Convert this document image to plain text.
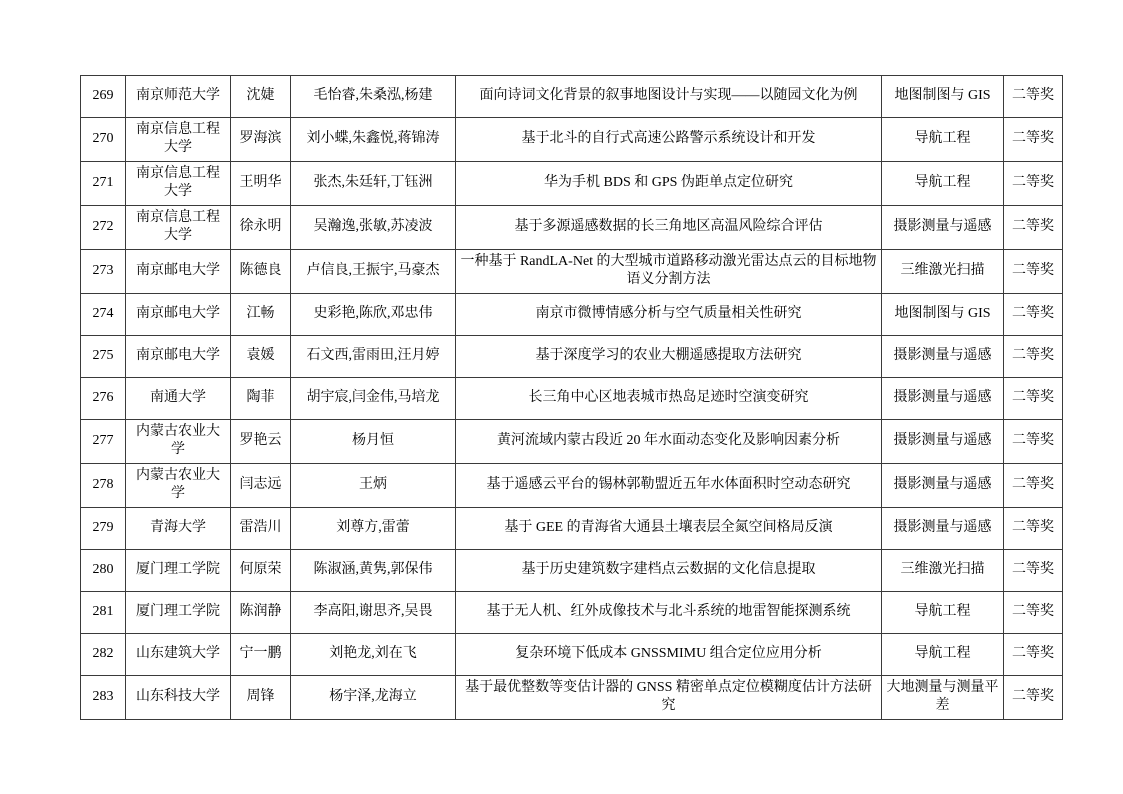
269	南京师范大学	沈婕	毛怡睿,朱桑泓,杨建	面向诗词文化背景的叙事地图设计与实现——以随园文化为例	地图制图与 GIS	二等奖
270	南京信息工程大学	罗海滨	刘小蝶,朱鑫悦,蒋锦涛	基于北斗的自行式高速公路警示系统设计和开发	导航工程	二等奖
271	南京信息工程大学	王明华	张杰,朱廷轩,丁钰洲	华为手机 BDS 和 GPS 伪距单点定位研究	导航工程	二等奖
272	南京信息工程大学	徐永明	吴瀚逸,张敏,苏凌波	基于多源遥感数据的长三角地区高温风险综合评估	摄影测量与遥感	二等奖
273	南京邮电大学	陈德良	卢信良,王振宇,马豪杰	一种基于 RandLA-Net 的大型城市道路移动激光雷达点云的目标地物语义分割方法	三维激光扫描	二等奖
274	南京邮电大学	江畅	史彩艳,陈欣,邓忠伟	南京市微博情感分析与空气质量相关性研究	地图制图与 GIS	二等奖
275	南京邮电大学	袁媛	石文西,雷雨田,汪月婷	基于深度学习的农业大棚遥感提取方法研究	摄影测量与遥感	二等奖
276	南通大学	陶菲	胡宇宸,闫金伟,马培龙	长三角中心区地表城市热岛足迹时空演变研究	摄影测量与遥感	二等奖
277	内蒙古农业大学	罗艳云	杨月恒	黄河流域内蒙古段近 20 年水面动态变化及影响因素分析	摄影测量与遥感	二等奖
278	内蒙古农业大学	闫志远	王炳	基于遥感云平台的锡林郭勒盟近五年水体面积时空动态研究	摄影测量与遥感	二等奖
279	青海大学	雷浩川	刘尊方,雷蕾	基于 GEE 的青海省大通县土壤表层全氮空间格局反演	摄影测量与遥感	二等奖
280	厦门理工学院	何原荣	陈淑涵,黄隽,郭保伟	基于历史建筑数字建档点云数据的文化信息提取	三维激光扫描	二等奖
281	厦门理工学院	陈润静	李高阳,谢思齐,吴畏	基于无人机、红外成像技术与北斗系统的地雷智能探测系统	导航工程	二等奖
282	山东建筑大学	宁一鹏	刘艳龙,刘在飞	复杂环境下低成本 GNSSMIMU 组合定位应用分析	导航工程	二等奖
283	山东科技大学	周锋	杨宇泽,龙海立	基于最优整数等变估计器的 GNSS 精密单点定位模糊度估计方法研究	大地测量与测量平差	二等奖
